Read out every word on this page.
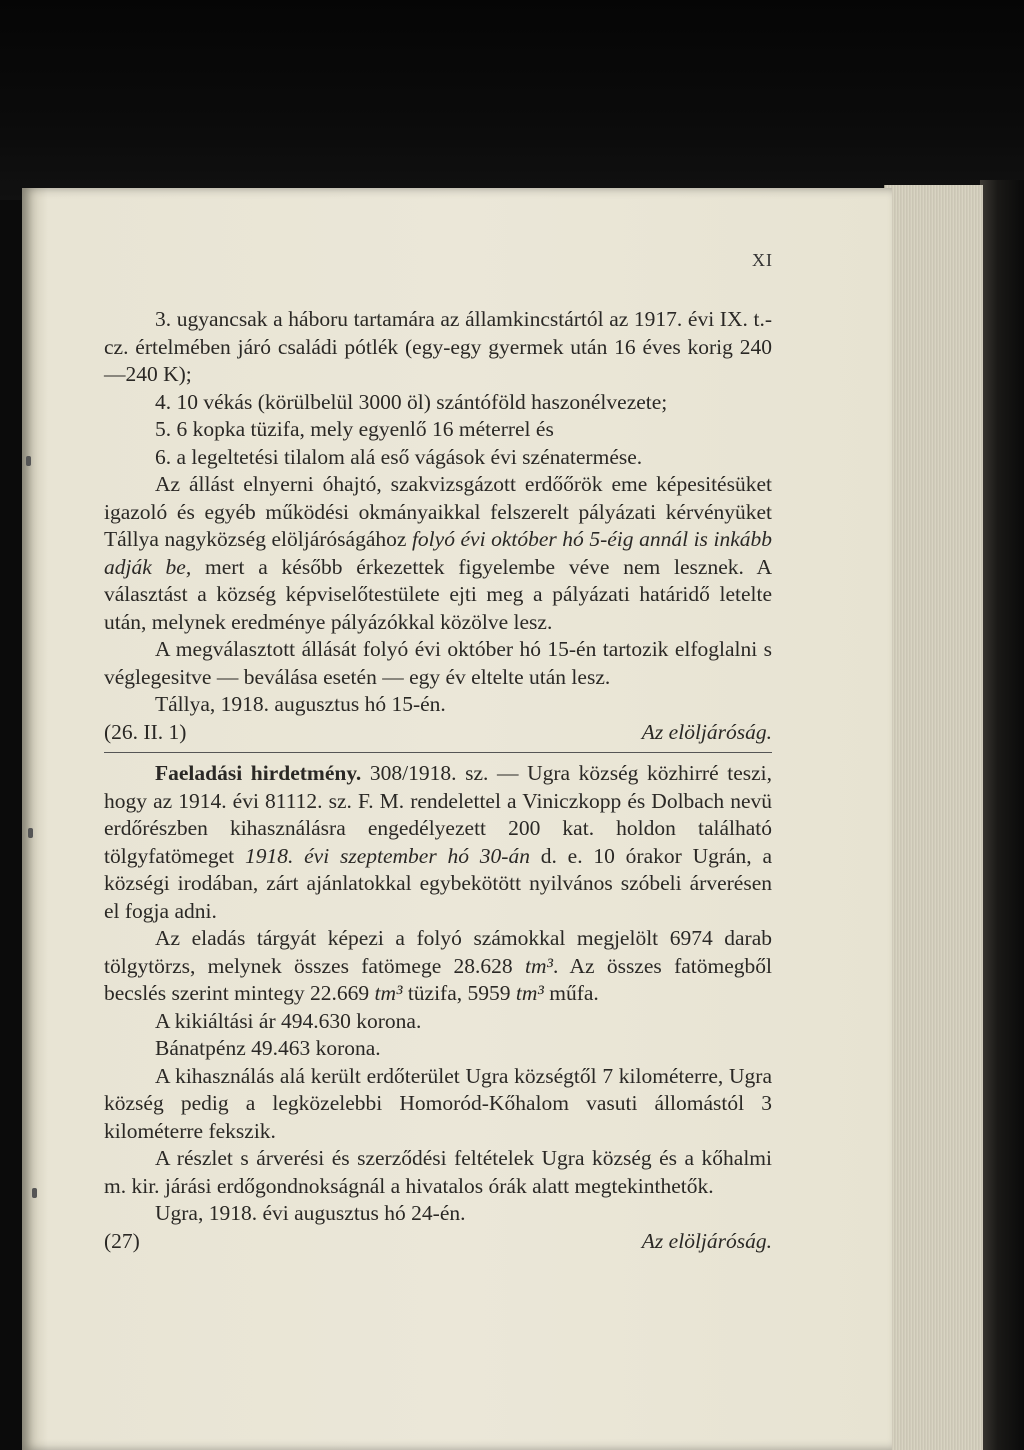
XI

3. ugyancsak a háboru tartamára az államkincstártól az 1917. évi IX. t.-cz. értelmében járó családi pótlék (egy-egy gyermek után 16 éves korig 240—240 K);

4. 10 vékás (körülbelül 3000 öl) szántóföld haszonélvezete;

5. 6 kopka tüzifa, mely egyenlő 16 méterrel és

6. a legeltetési tilalom alá eső vágások évi szénatermése.

Az állást elnyerni óhajtó, szakvizsgázott erdőőrök eme képesitésüket igazoló és egyéb működési okmányaikkal felszerelt pályázati kérvényüket Tállya nagyközség elöljáróságához folyó évi október hó 5-éig annál is inkább adják be, mert a később érkezettek figyelembe véve nem lesznek. A választást a község képviselőtestülete ejti meg a pályázati határidő letelte után, melynek eredménye pályázókkal közölve lesz.

A megválasztott állását folyó évi október hó 15-én tartozik elfoglalni s véglegesitve — beválása esetén — egy év eltelte után lesz.

Tállya, 1918. augusztus hó 15-én.

(26. II. 1)	Az elöljáróság.

Faeladási hirdetmény. 308/1918. sz. — Ugra község közhirré teszi, hogy az 1914. évi 81112. sz. F. M. rendelettel a Viniczkopp és Dolbach nevü erdőrészben kihasználásra engedélyezett 200 kat. holdon található tölgyfatömeget 1918. évi szeptember hó 30-án d. e. 10 órakor Ugrán, a községi irodában, zárt ajánlatokkal egybekötött nyilvános szóbeli árverésen el fogja adni.

Az eladás tárgyát képezi a folyó számokkal megjelölt 6974 darab tölgytörzs, melynek összes fatömege 28.628 tm³. Az összes fatömegből becslés szerint mintegy 22.669 tm³ tüzifa, 5959 tm³ műfa.

A kikiáltási ár 494.630 korona.

Bánatpénz 49.463 korona.

A kihasználás alá került erdőterület Ugra községtől 7 kilométerre, Ugra község pedig a legközelebbi Homoród-Kőhalom vasuti állomástól 3 kilométerre fekszik.

A részlet s árverési és szerződési feltételek Ugra község és a kőhalmi m. kir. járási erdőgondnokságnál a hivatalos órák alatt megtekinthetők.

Ugra, 1918. évi augusztus hó 24-én.

(27)	Az elöljáróság.
